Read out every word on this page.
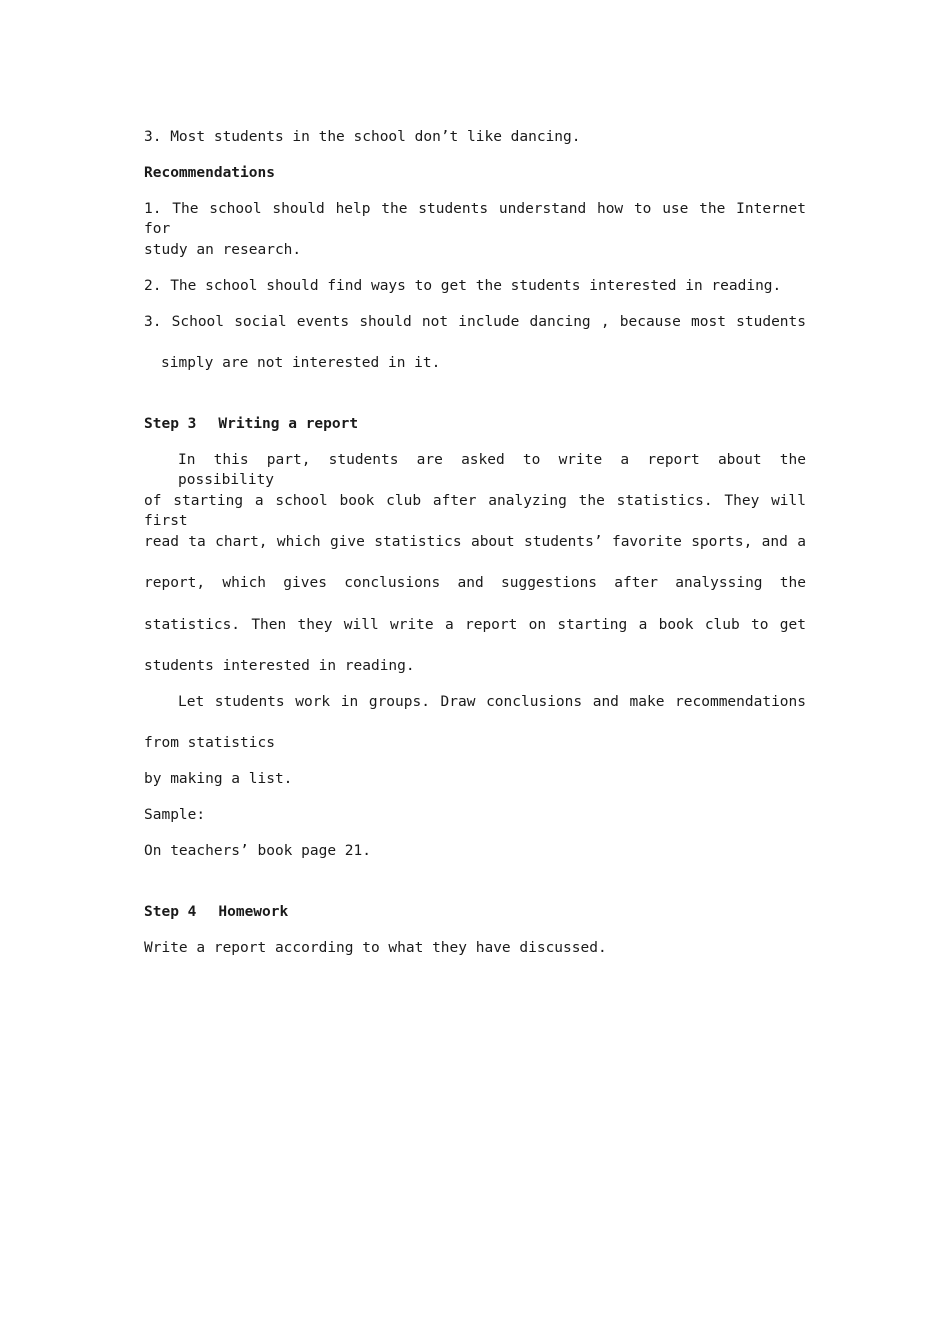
3. Most students in the school don’t like dancing.

Recommendations

1. The school should help the students understand how to use the Internet for

study an research.

2. The school should find ways to get the students interested in reading.

3. School social events should not include dancing , because most students

simply are not interested in it.

Step 3 Writing a report

In this part, students are asked to write a report about the possibility

of starting a school book club after analyzing the statistics. They will first

read ta chart, which give statistics about students’ favorite sports, and a

report, which gives conclusions and suggestions after analyssing the

statistics. Then they will write a report on starting a book club to get

students interested in reading.

Let students work in groups. Draw conclusions and make recommendations

from statistics

by making a list.

Sample:

On teachers’ book page 21.

Step 4 Homework

Write a report according to what they have discussed.
